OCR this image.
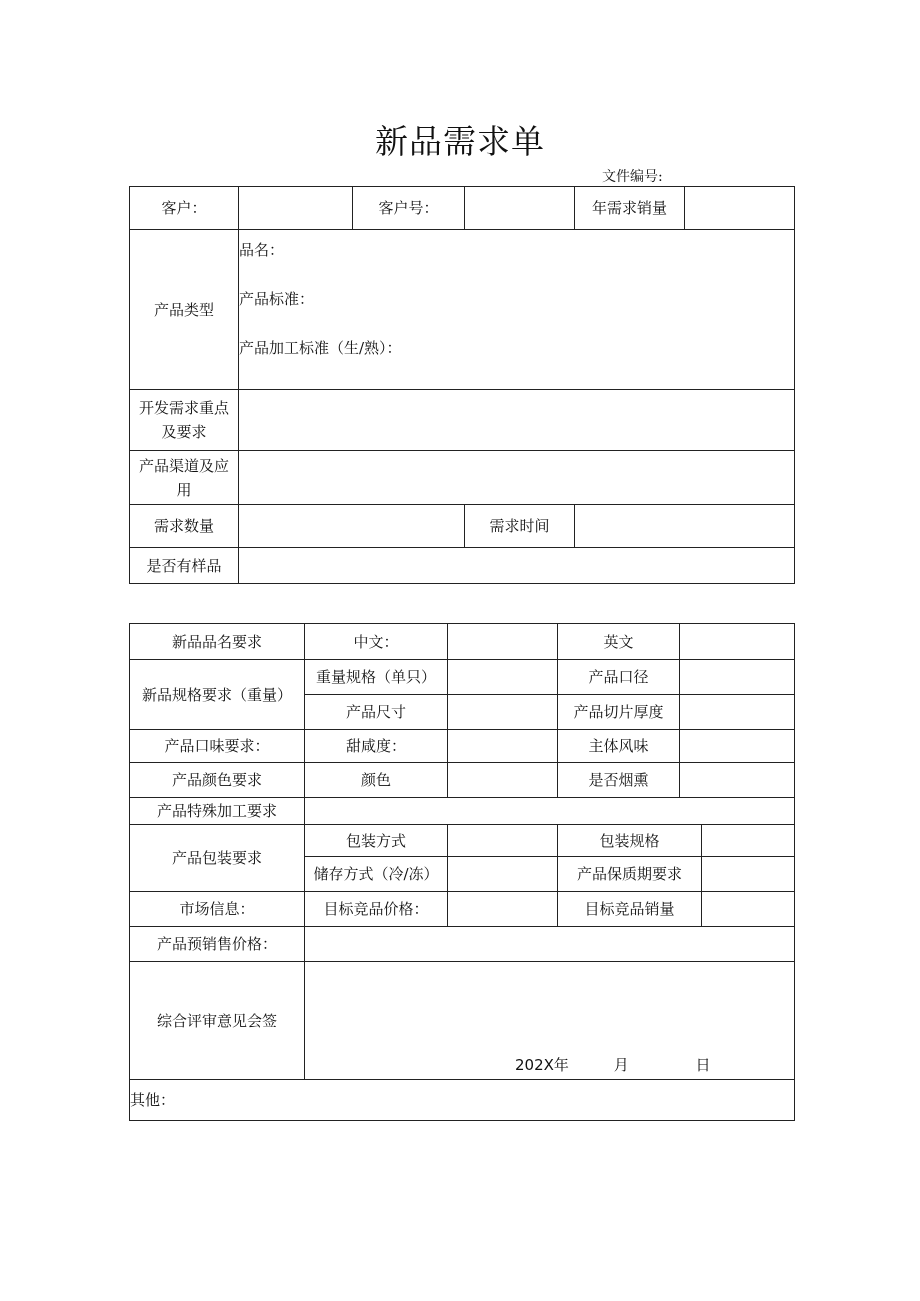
新品需求单
文件编号:
客户：		客户号：		年需求销量	
产品类型	品名：
产品标准：
产品加工标准（生/熟）：				

开发需求重点及要求					
产品渠道及应用					
需求数量			需求时间		
是否有样品					
新品品名要求	中文：		英文		
新品规格要求（重量）	重量规格（单只）		产品口径		
	产品尺寸		产品切片厚度		
产品口味要求：	甜咸度：		主体风味		
产品颜色要求	颜色		是否烟熏		
产品特殊加工要求					
产品包装要求	包装方式		包装规格		
	储存方式（冷/冻）		产品保质期要求		
市场信息：	目标竞品价格：		目标竞品销量		
产品预销售价格：					
综合评审意见会签	202X年 月 日				

其他：					
